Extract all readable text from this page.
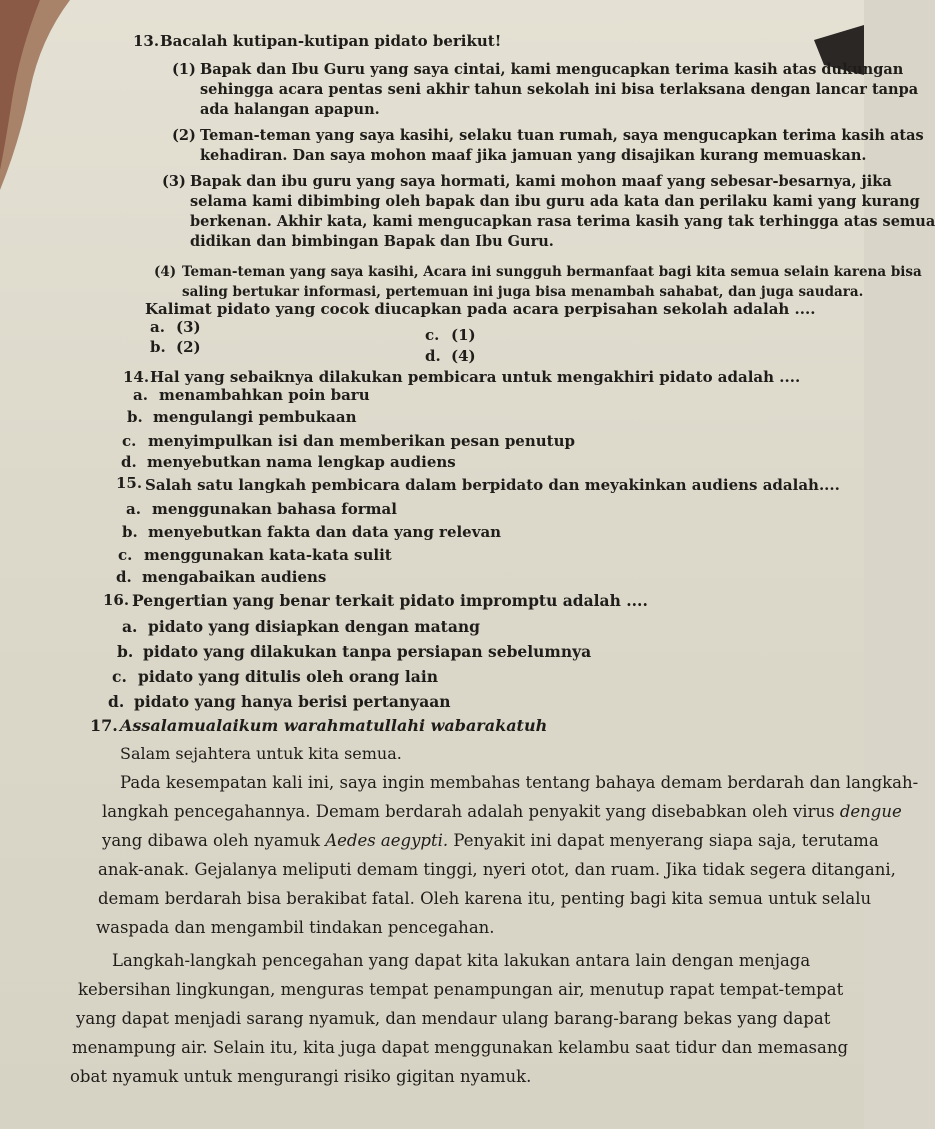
13. Bacalah kutipan-kutipan pidato berikut!
(1) Bapak dan Ibu Guru yang saya cintai, kami mengucapkan terima kasih atas dukungan
sehingga acara pentas seni akhir tahun sekolah ini bisa terlaksana dengan lancar tanpa
ada halangan apapun.
(2) Teman-teman yang saya kasihi, selaku tuan rumah, saya mengucapkan terima kasih atas
kehadiran. Dan saya mohon maaf jika jamuan yang disajikan kurang memuaskan.
(3) Bapak dan ibu guru yang saya hormati, kami mohon maaf yang sebesar-besarnya, jika
selama kami dibimbing oleh bapak dan ibu guru ada kata dan perilaku kami yang kurang
berkenan. Akhir kata, kami mengucapkan rasa terima kasih yang tak terhingga atas semua
didikan dan bimbingan Bapak dan Ibu Guru.
(4) Teman-teman yang saya kasihi, Acara ini sungguh bermanfaat bagi kita semua selain karena bisa
saling bertukar informasi, pertemuan ini juga bisa menambah sahabat, dan juga saudara.
Kalimat pidato yang cocok diucapkan pada acara perpisahan sekolah adalah ....
a. (3)
b. (2)
c. (1)
d. (4)
14. Hal yang sebaiknya dilakukan pembicara untuk mengakhiri pidato adalah ....
a. menambahkan poin baru
b. mengulangi pembukaan
c. menyimpulkan isi dan memberikan pesan penutup
d. menyebutkan nama lengkap audiens
15. Salah satu langkah pembicara dalam berpidato dan meyakinkan audiens adalah....
a. menggunakan bahasa formal
b. menyebutkan fakta dan data yang relevan
c. menggunakan kata-kata sulit
d. mengabaikan audiens
16. Pengertian yang benar terkait pidato impromptu adalah ....
a. pidato yang disiapkan dengan matang
b. pidato yang dilakukan tanpa persiapan sebelumnya
c. pidato yang ditulis oleh orang lain
d. pidato yang hanya berisi pertanyaan
17. Assalamualaikum warahmatullahi wabarakatuh
Salam sejahtera untuk kita semua.
Pada kesempatan kali ini, saya ingin membahas tentang bahaya demam berdarah dan langkah-
langkah pencegahannya. Demam berdarah adalah penyakit yang disebabkan oleh virus dengue
yang dibawa oleh nyamuk Aedes aegypti. Penyakit ini dapat menyerang siapa saja, terutama
anak-anak. Gejalanya meliputi demam tinggi, nyeri otot, dan ruam. Jika tidak segera ditangani,
demam berdarah bisa berakibat fatal. Oleh karena itu, penting bagi kita semua untuk selalu
waspada dan mengambil tindakan pencegahan.
Langkah-langkah pencegahan yang dapat kita lakukan antara lain dengan menjaga
kebersihan lingkungan, menguras tempat penampungan air, menutup rapat tempat-tempat
yang dapat menjadi sarang nyamuk, dan mendaur ulang barang-barang bekas yang dapat
menampung air. Selain itu, kita juga dapat menggunakan kelambu saat tidur dan memasang
obat nyamuk untuk mengurangi risiko gigitan nyamuk.
